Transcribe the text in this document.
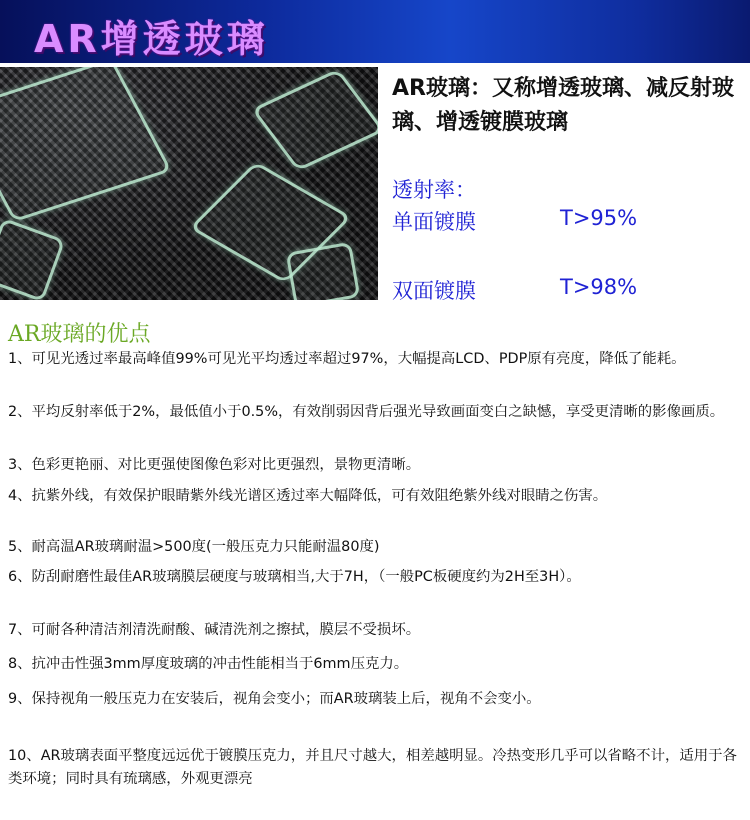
AR增透玻璃
AR玻璃：又称增透玻璃、减反射玻璃、增透镀膜玻璃
透射率：
单面镀膜	T>95%
双面镀膜	T>98%
AR玻璃的优点
1、可见光透过率最高峰值99%可见光平均透过率超过97%，大幅提高LCD、PDP原有亮度，降低了能耗。
2、平均反射率低于2%，最低值小于0.5%，有效削弱因背后强光导致画面变白之缺憾，享受更清晰的影像画质。
3、色彩更艳丽、对比更强使图像色彩对比更强烈，景物更清晰。
4、抗紫外线，有效保护眼睛紫外线光谱区透过率大幅降低，可有效阻绝紫外线对眼睛之伤害。
5、耐高温AR玻璃耐温>500度(一般压克力只能耐温80度)
6、防刮耐磨性最佳AR玻璃膜层硬度与玻璃相当,大于7H，（一般PC板硬度约为2H至3H）。
7、可耐各种清洁剂清洗耐酸、碱清洗剂之擦拭，膜层不受损坏。
8、抗冲击性强3mm厚度玻璃的冲击性能相当于6mm压克力。
9、保持视角一般压克力在安装后，视角会变小；而AR玻璃装上后，视角不会变小。
10、AR玻璃表面平整度远远优于镀膜压克力，并且尺寸越大，相差越明显。冷热变形几乎可以省略不计，适用于各类环境；同时具有琉璃感，外观更漂亮
